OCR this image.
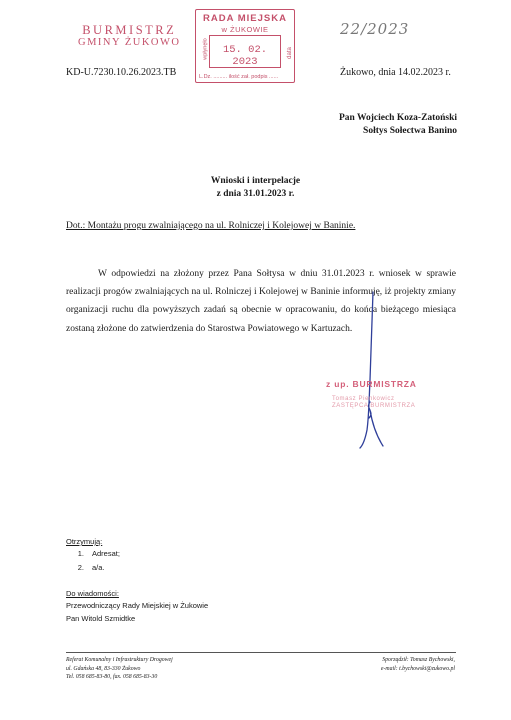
BURMISTRZ
GMINY ŻUKOWO
RADA MIEJSKA
w ŻUKOWIE
wpłynęło	data
15. 02. 2023
L.Dz. ......... ilość zał. podpis ......
22/2023
KD-U.7230.10.26.2023.TB	Żukowo, dnia 14.02.2023 r.
Pan Wojciech Koza-Zatoński
Sołtys Sołectwa Banino
Wnioski i interpelacje
z dnia 31.01.2023 r.
Dot.: Montażu progu zwalniającego na ul. Rolniczej i Kolejowej w Baninie.

W odpowiedzi na złożony przez Pana Sołtysa w dniu 31.01.2023 r. wniosek w sprawie realizacji progów zwalniających na ul. Rolniczej i Kolejowej w Baninie informuję, iż projekty zmiany organizacji ruchu dla powyższych zadań są obecnie w opracowaniu, do końca bieżącego miesiąca zostaną złożone do zatwierdzenia do Starostwa Powiatowego w Kartuzach.

z up. BURMISTRZA
Tomasz Pienkowicz
ZASTĘPCA BURMISTRZA
Otrzymują:
1. Adresat;
2. a/a.
Do wiadomości:
Przewodniczący Rady Miejskiej w Żukowie
Pan Witold Szmidtke
Referat Komunalny i Infrastruktury Drogowej
ul. Gdańska 48, 83-330 Żukowo
Tel. 058 685-83-80, fax. 058 685-83-30
Sporządził: Tomasz Bychowski,
e-mail: t.bychowski@zukowo.pl
